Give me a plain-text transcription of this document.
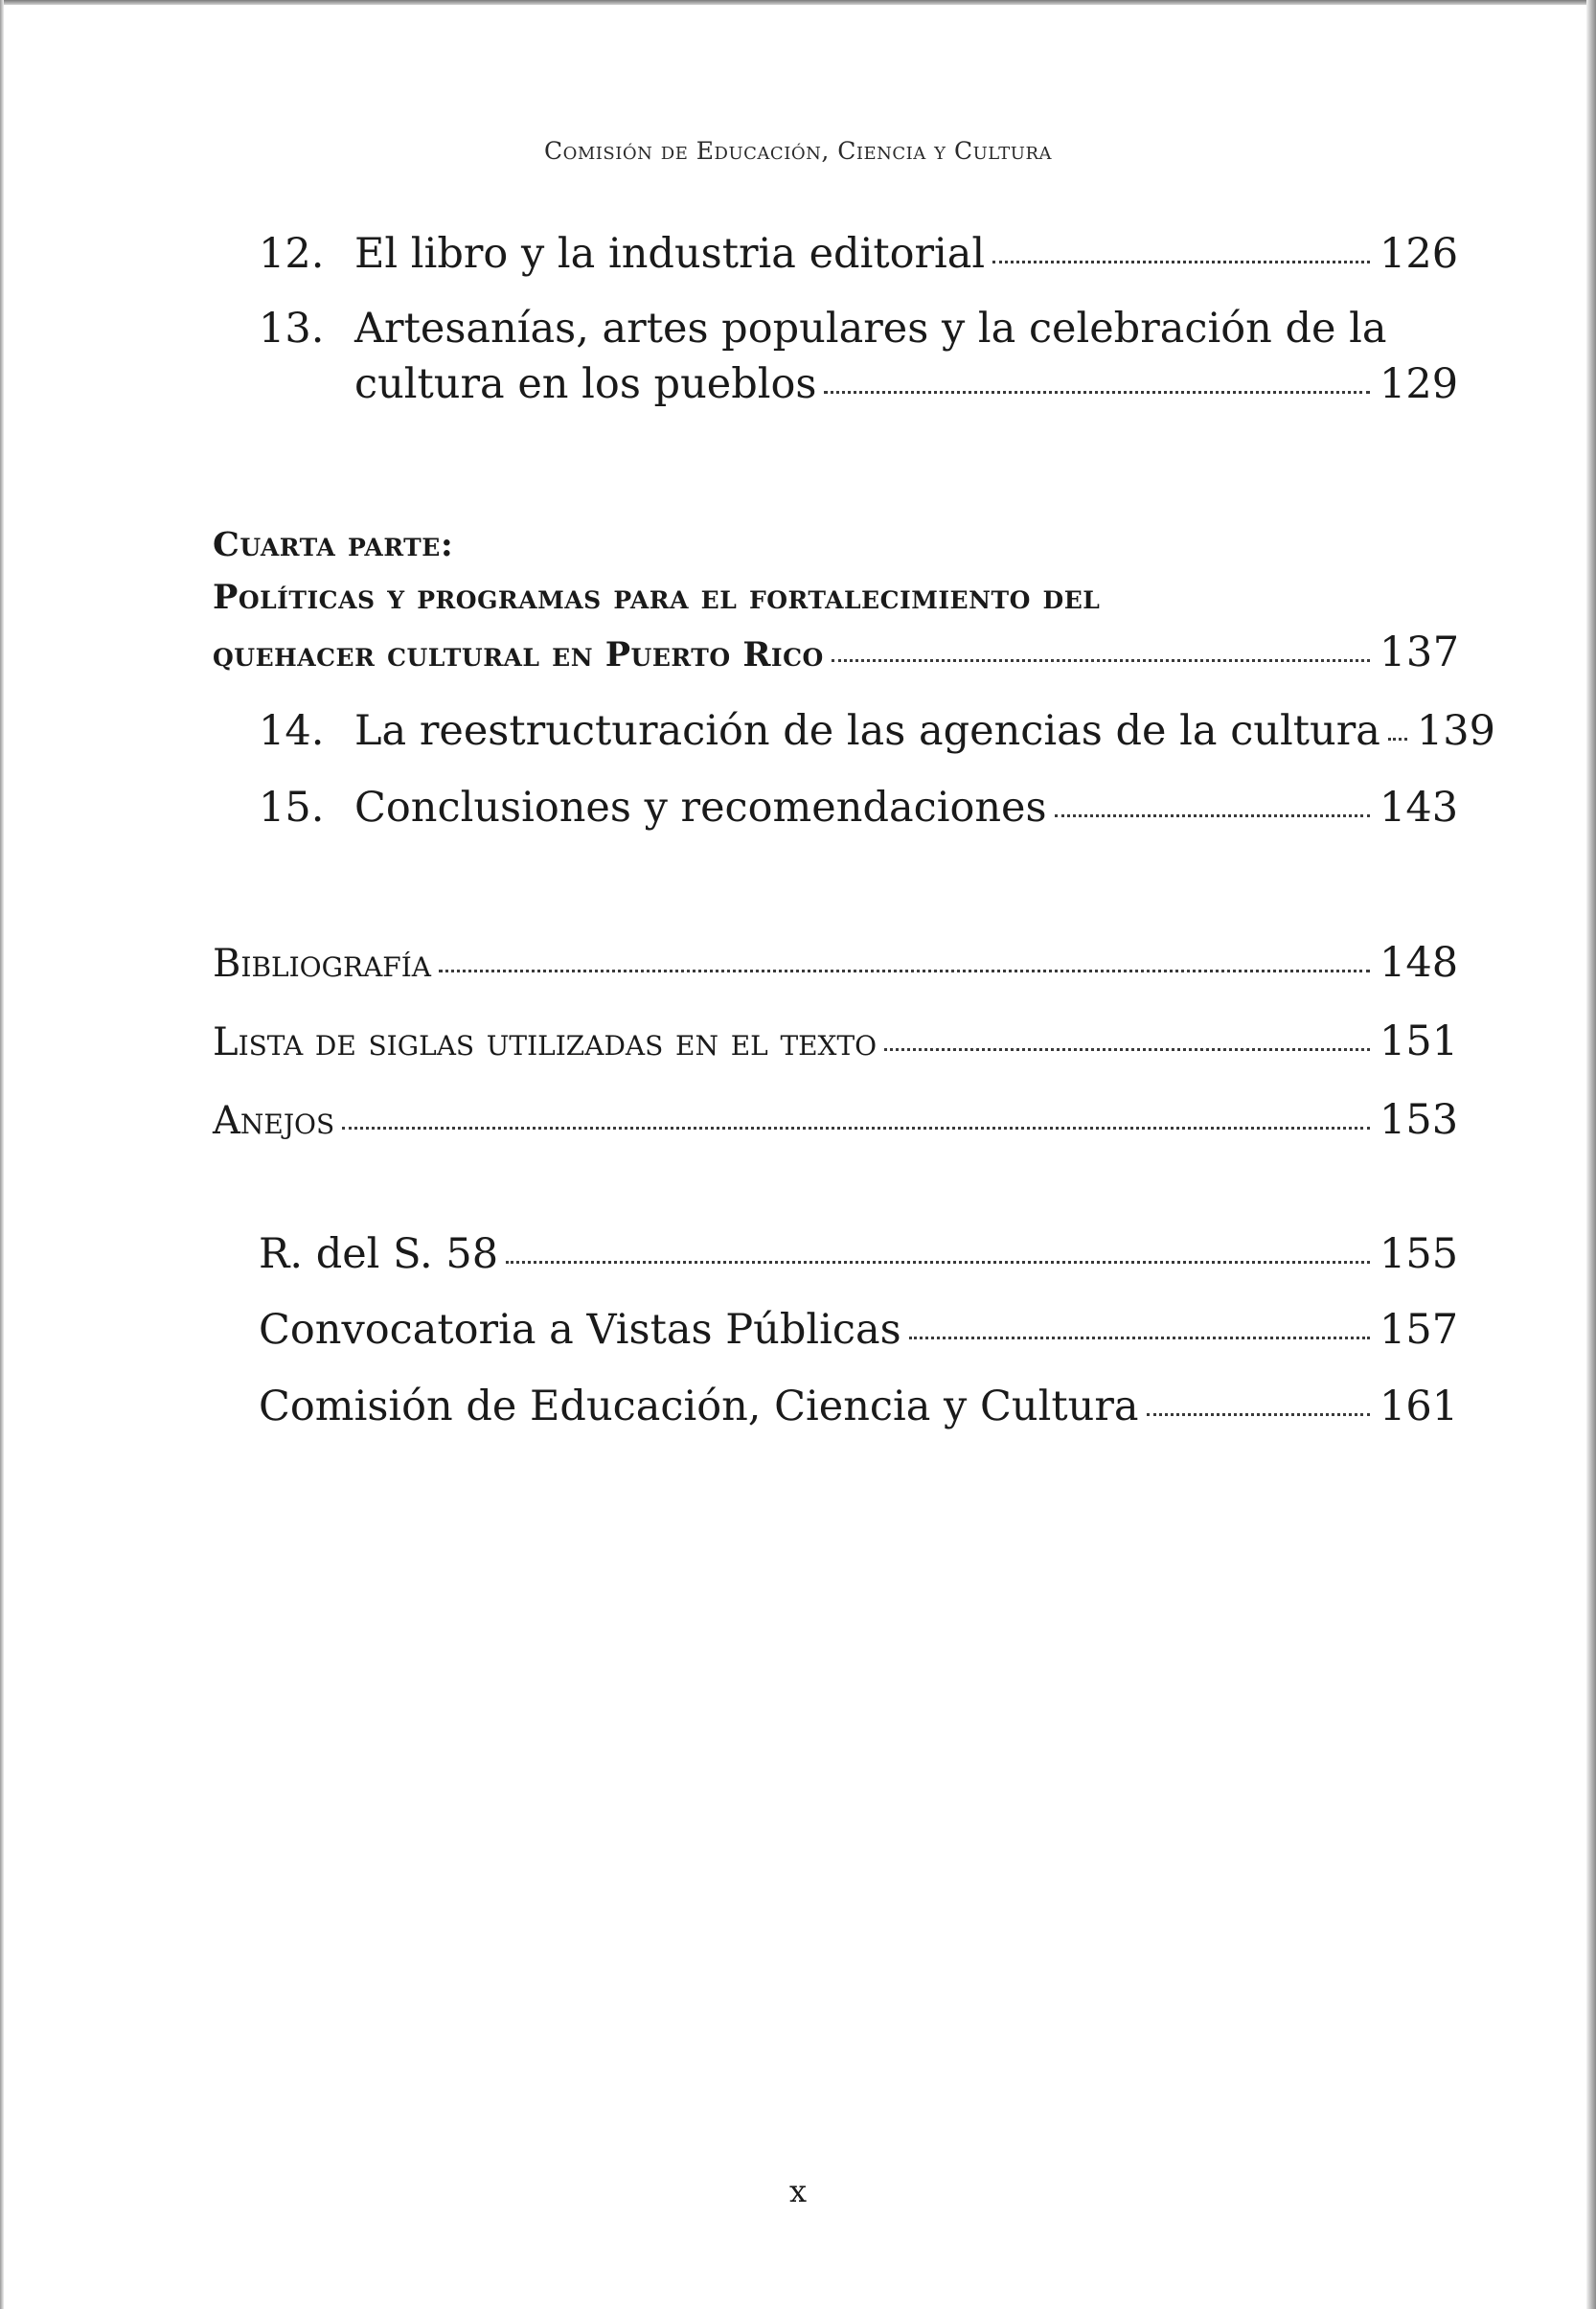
Comisión de Educación, Ciencia y Cultura
12. El libro y la industria editorial	126
13. Artesanías, artes populares y la celebración de la
cultura en los pueblos	129
Cuarta parte:
Políticas y programas para el fortalecimiento del
quehacer cultural en Puerto Rico	137
14. La reestructuración de las agencias de la cultura 139
15. Conclusiones y recomendaciones	143
Bibliografía	148
Lista de siglas utilizadas en el texto	151
Anejos	153
R. del S. 58	155
Convocatoria a Vistas Públicas	157
Comisión de Educación, Ciencia y Cultura	161
x
